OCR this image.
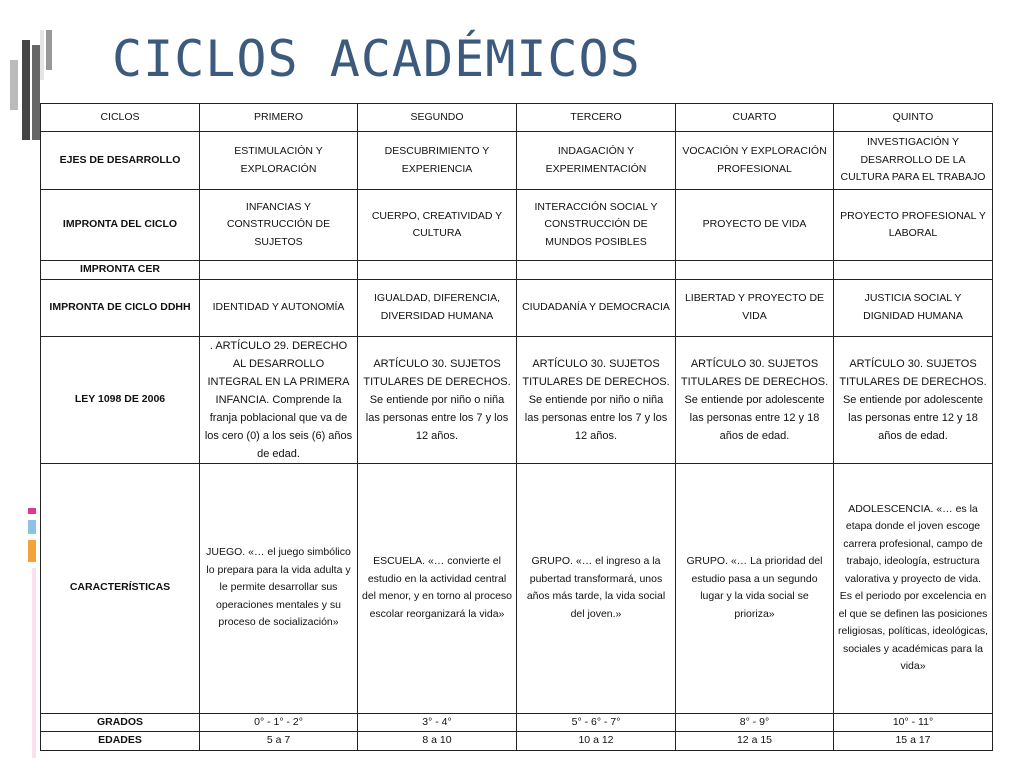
CICLOS ACADÉMICOS
CICLOS	PRIMERO	SEGUNDO	TERCERO	CUARTO	QUINTO
EJES DE DESARROLLO	ESTIMULACIÓN Y EXPLORACIÓN	DESCUBRIMIENTO Y EXPERIENCIA	INDAGACIÓN Y EXPERIMENTACIÓN	VOCACIÓN Y EXPLORACIÓN PROFESIONAL	INVESTIGACIÓN Y DESARROLLO DE LA CULTURA PARA EL TRABAJO
IMPRONTA DEL CICLO	INFANCIAS Y CONSTRUCCIÓN DE SUJETOS	CUERPO, CREATIVIDAD Y CULTURA	INTERACCIÓN SOCIAL Y CONSTRUCCIÓN DE MUNDOS POSIBLES	PROYECTO DE VIDA	PROYECTO PROFESIONAL Y LABORAL
IMPRONTA CER					
IMPRONTA DE CICLO DDHH	IDENTIDAD Y AUTONOMÍA	IGUALDAD, DIFERENCIA, DIVERSIDAD HUMANA	CIUDADANÍA Y DEMOCRACIA	LIBERTAD Y PROYECTO DE VIDA	JUSTICIA SOCIAL Y DIGNIDAD HUMANA
LEY 1098 DE 2006	. ARTÍCULO 29. DERECHO AL DESARROLLO INTEGRAL EN LA PRIMERA INFANCIA. Comprende la franja poblacional que va de los cero (0) a los seis (6) años de edad.	ARTÍCULO 30. SUJETOS TITULARES DE DERECHOS. Se entiende por niño o niña las personas entre los 7 y los 12 años.	ARTÍCULO 30. SUJETOS TITULARES DE DERECHOS. Se entiende por niño o niña las personas entre los 7 y los 12 años.	ARTÍCULO 30. SUJETOS TITULARES DE DERECHOS. Se entiende por adolescente las personas entre 12 y 18 años de edad.	ARTÍCULO 30. SUJETOS TITULARES DE DERECHOS. Se entiende por adolescente las personas entre 12 y 18 años de edad.
CARACTERÍSTICAS	JUEGO. «… el juego simbólico lo prepara para la vida adulta y le permite desarrollar sus operaciones mentales y su proceso de socialización»	ESCUELA. «… convierte el estudio en la actividad central del menor, y en torno al proceso escolar reorganizará la vida»	GRUPO. «… el ingreso a la pubertad transformará, unos años más tarde, la vida social del joven.»	GRUPO. «… La prioridad del estudio pasa a un segundo lugar y la vida social se prioriza»	ADOLESCENCIA. «… es la etapa donde el joven escoge carrera profesional, campo de trabajo, ideología, estructura valorativa y proyecto de vida. Es el periodo por excelencia en el que se definen las posiciones religiosas, políticas, ideológicas, sociales y académicas para la vida»
GRADOS	0° - 1° - 2°	3° - 4°	5° - 6° - 7°	8° - 9°	10° - 11°
EDADES	5 a 7	8 a 10	10 a 12	12 a 15	15 a 17
